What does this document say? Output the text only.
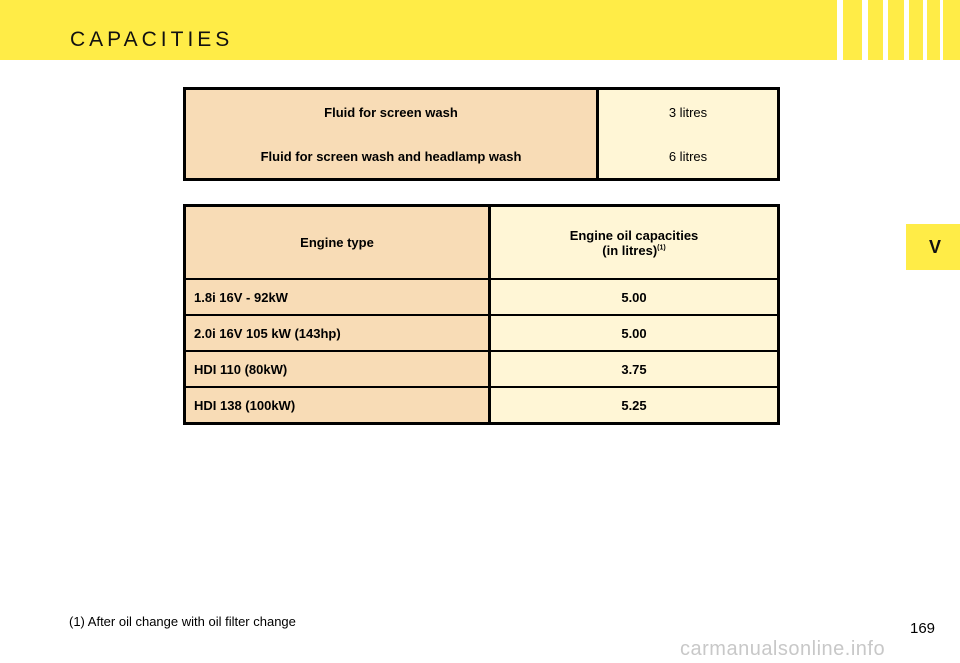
CAPACITIES
V
Fluid for screen wash	3 litres
Fluid for screen wash and headlamp wash	6 litres
Engine type	Engine oil capacities
(in litres)$^{(1)}$
1.8i 16V - 92kW	5.00
2.0i 16V 105 kW (143hp)	5.00
HDI 110 (80kW)	3.75
HDI 138 (100kW)	5.25
(1) After oil change with oil filter change	169
carmanualsonline.info
